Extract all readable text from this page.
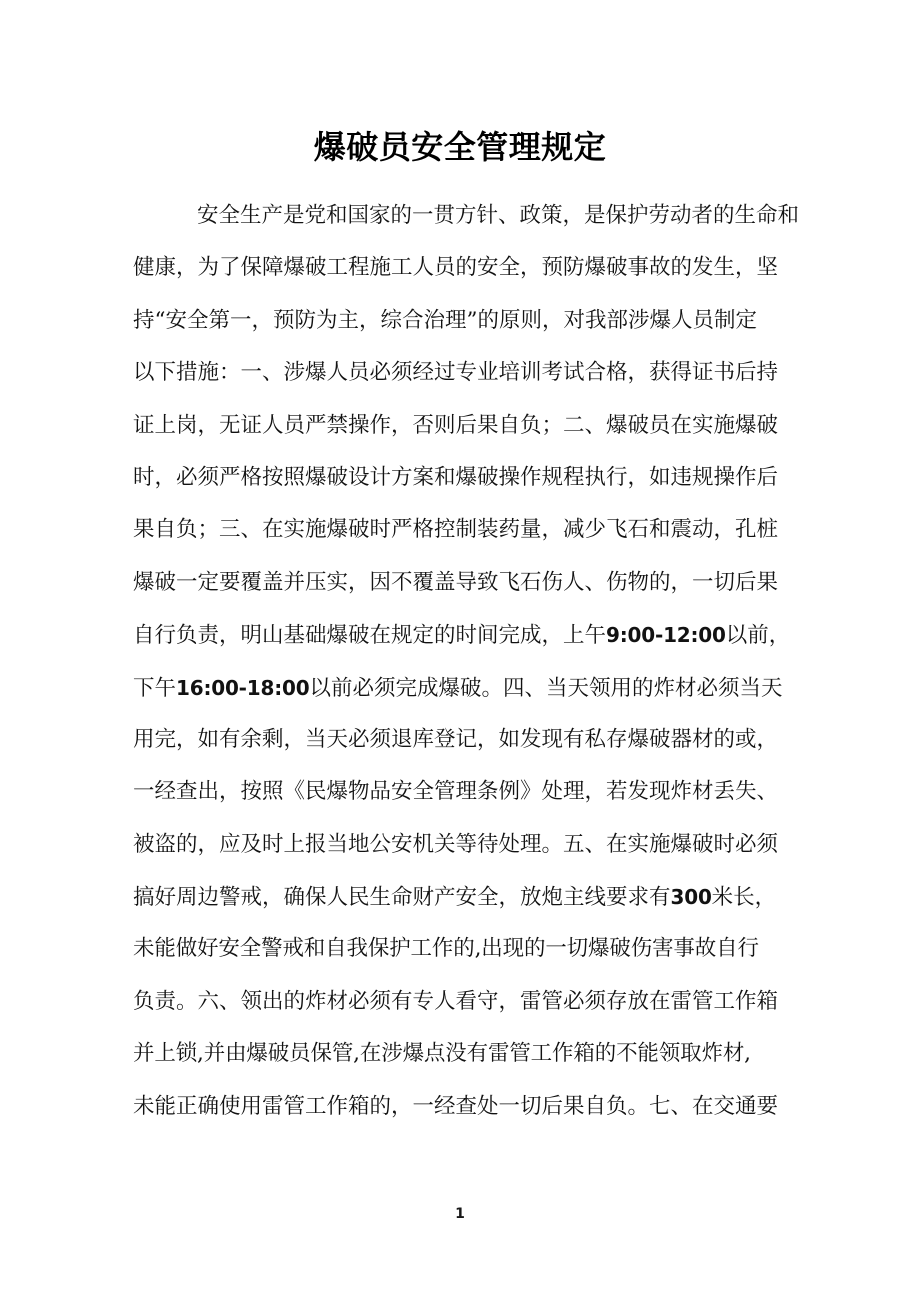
爆破员安全管理规定
安全生产是党和国家的一贯方针、政策，是保护劳动者的生命和
健康，为了保障爆破工程施工人员的安全，预防爆破事故的发生，坚
持“安全第一，预防为主，综合治理”的原则，对我部涉爆人员制定
以下措施：一、涉爆人员必须经过专业培训考试合格，获得证书后持
证上岗，无证人员严禁操作，否则后果自负；二、爆破员在实施爆破
时，必须严格按照爆破设计方案和爆破操作规程执行，如违规操作后
果自负；三、在实施爆破时严格控制装药量，减少飞石和震动，孔桩
爆破一定要覆盖并压实，因不覆盖导致飞石伤人、伤物的，一切后果
自行负责，明山基础爆破在规定的时间完成，上午9:00-12:00以前，
下午16:00-18:00以前必须完成爆破。四、当天领用的炸材必须当天
用完，如有余剩，当天必须退库登记，如发现有私存爆破器材的或，
一经查出，按照《民爆物品安全管理条例》处理，若发现炸材丢失、
被盗的，应及时上报当地公安机关等待处理。五、在实施爆破时必须
搞好周边警戒，确保人民生命财产安全，放炮主线要求有300米长，
未能做好安全警戒和自我保护工作的,出现的一切爆破伤害事故自行
负责。六、领出的炸材必须有专人看守，雷管必须存放在雷管工作箱
并上锁,并由爆破员保管,在涉爆点没有雷管工作箱的不能领取炸材,
未能正确使用雷管工作箱的，一经查处一切后果自负。七、在交通要
1
